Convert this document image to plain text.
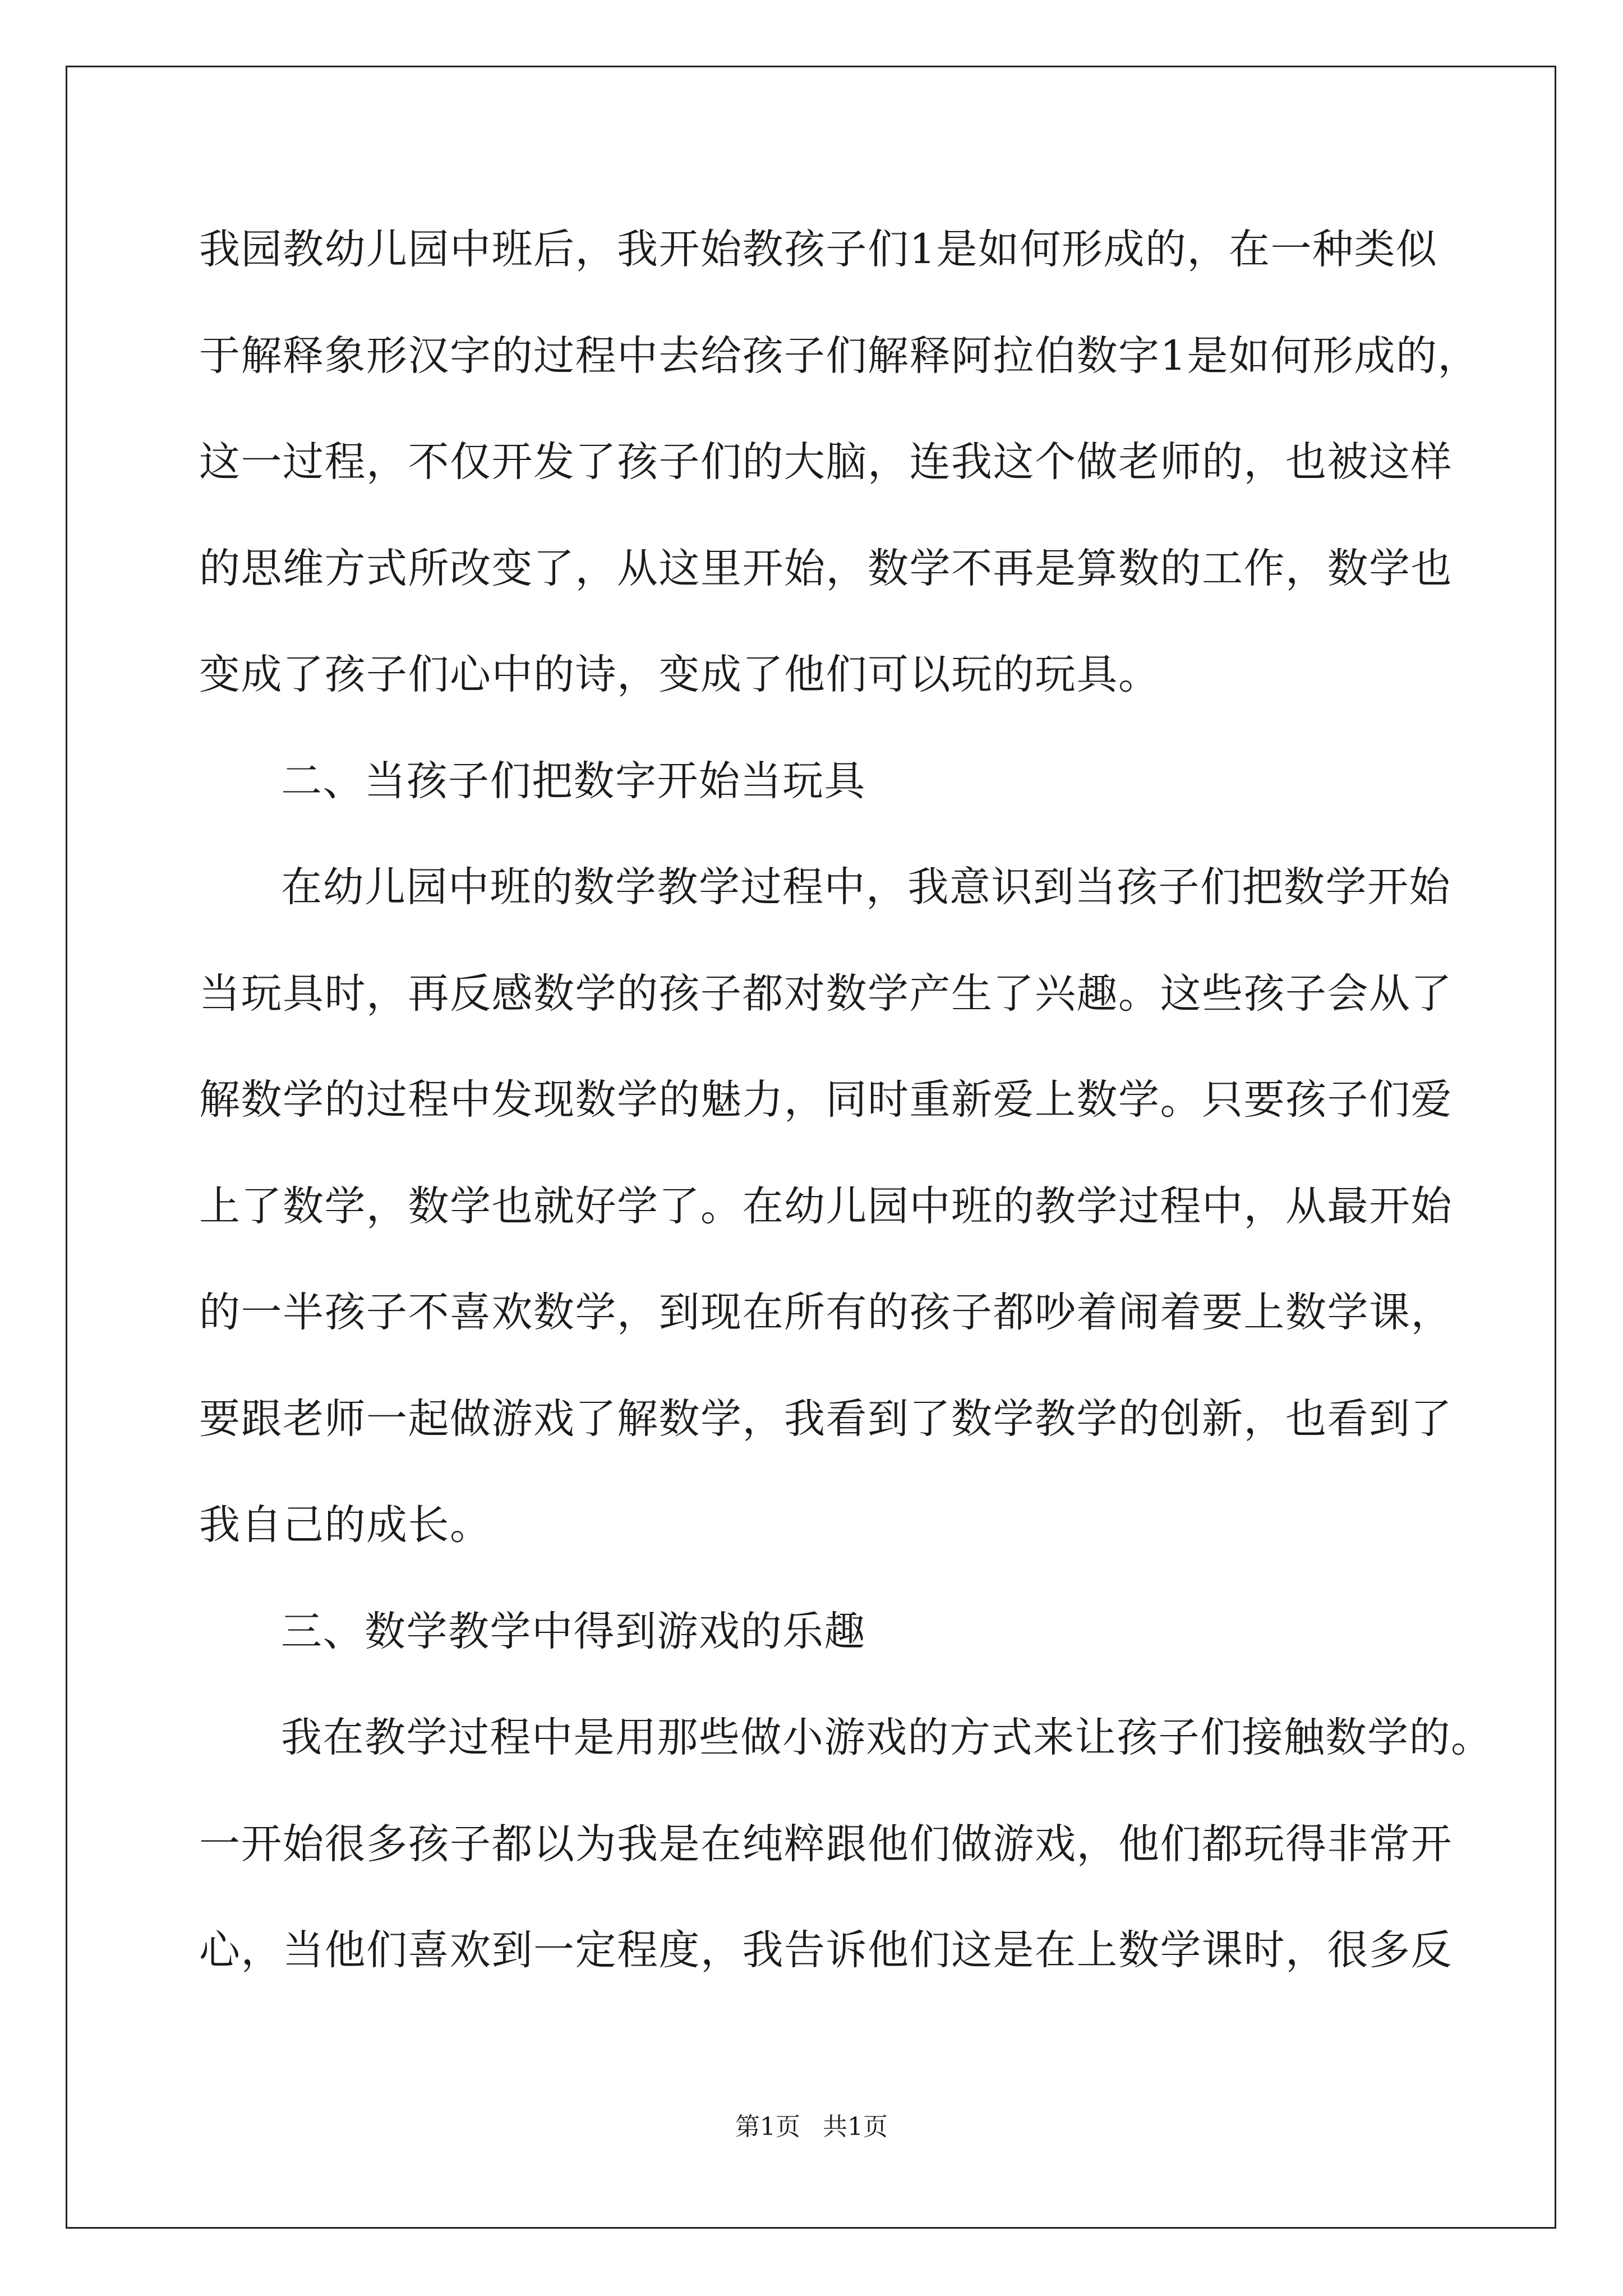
我园教幼儿园中班后，我开始教孩子们1是如何形成的，在一种类似
于解释象形汉字的过程中去给孩子们解释阿拉伯数字1是如何形成的，
这一过程，不仅开发了孩子们的大脑，连我这个做老师的，也被这样
的思维方式所改变了，从这里开始，数学不再是算数的工作，数学也
变成了孩子们心中的诗，变成了他们可以玩的玩具。
二、当孩子们把数字开始当玩具
在幼儿园中班的数学教学过程中，我意识到当孩子们把数学开始
当玩具时，再反感数学的孩子都对数学产生了兴趣。这些孩子会从了
解数学的过程中发现数学的魅力，同时重新爱上数学。只要孩子们爱
上了数学，数学也就好学了。在幼儿园中班的教学过程中，从最开始
的一半孩子不喜欢数学，到现在所有的孩子都吵着闹着要上数学课，
要跟老师一起做游戏了解数学，我看到了数学教学的创新，也看到了
我自己的成长。
三、数学教学中得到游戏的乐趣
我在教学过程中是用那些做小游戏的方式来让孩子们接触数学的。
一开始很多孩子都以为我是在纯粹跟他们做游戏，他们都玩得非常开
心，当他们喜欢到一定程度，我告诉他们这是在上数学课时，很多反
第1页 共1页
